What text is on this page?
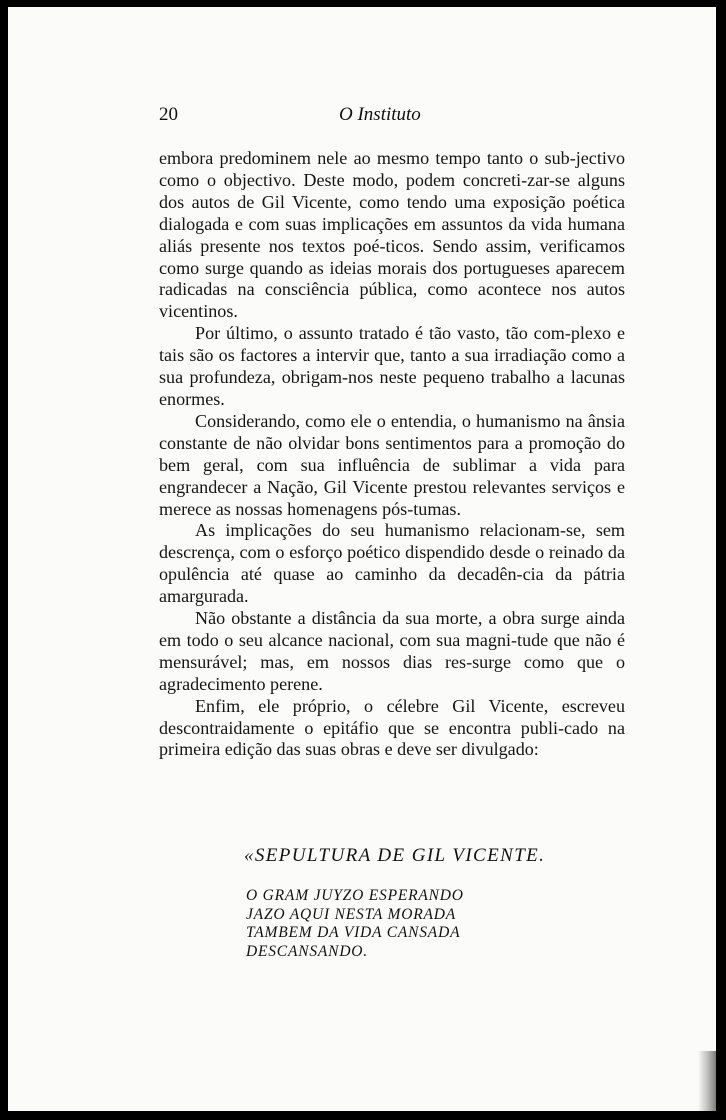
20	O Instituto

embora predominem nele ao mesmo tempo tanto o sub-jectivo como o objectivo. Deste modo, podem concreti-zar-se alguns dos autos de Gil Vicente, como tendo uma exposição poética dialogada e com suas implicações em assuntos da vida humana aliás presente nos textos poé-ticos. Sendo assim, verificamos como surge quando as ideias morais dos portugueses aparecem radicadas na consciência pública, como acontece nos autos vicentinos.

Por último, o assunto tratado é tão vasto, tão com-plexo e tais são os factores a intervir que, tanto a sua irradiação como a sua profundeza, obrigam-nos neste pequeno trabalho a lacunas enormes.

Considerando, como ele o entendia, o humanismo na ânsia constante de não olvidar bons sentimentos para a promoção do bem geral, com sua influência de sublimar a vida para engrandecer a Nação, Gil Vicente prestou relevantes serviços e merece as nossas homenagens pós-tumas.

As implicações do seu humanismo relacionam-se, sem descrença, com o esforço poético dispendido desde o reinado da opulência até quase ao caminho da decadên-cia da pátria amargurada.

Não obstante a distância da sua morte, a obra surge ainda em todo o seu alcance nacional, com sua magni-tude que não é mensurável; mas, em nossos dias res-surge como que o agradecimento perene.

Enfim, ele próprio, o célebre Gil Vicente, escreveu descontraidamente o epitáfio que se encontra publi-cado na primeira edição das suas obras e deve ser divulgado:

«SEPULTURA DE GIL VICENTE.
O GRAM JUYZO ESPERANDO
JAZO AQUI NESTA MORADA
TAMBEM DA VIDA CANSADA
DESCANSANDO.
